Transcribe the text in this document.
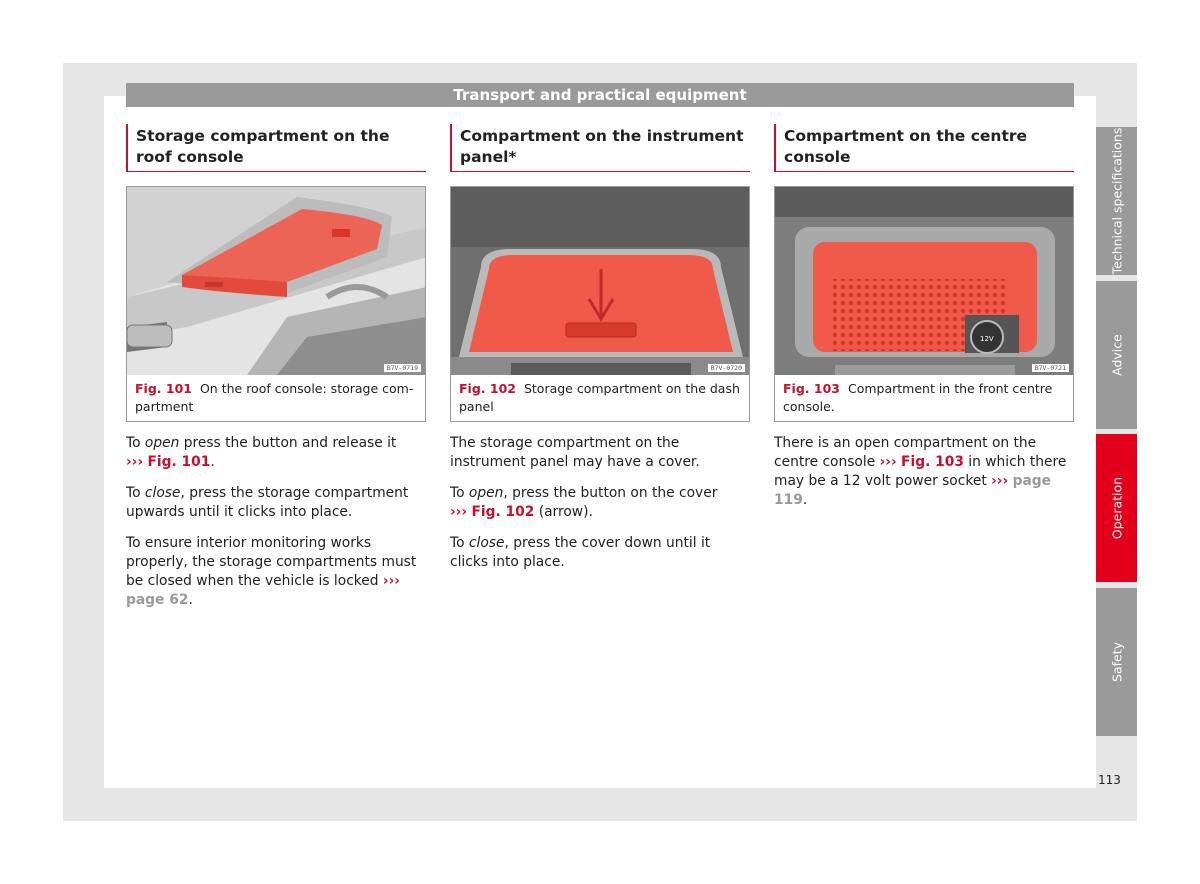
Transport and practical equipment
Storage compartment on the roof console
B7V-0719
Fig. 101 On the roof console: storage compartment

To open press the button and release it
››› Fig. 101.

To close, press the storage compartment upwards until it clicks into place.

To ensure interior monitoring works properly, the storage compartments must be closed when the vehicle is locked ››› page 62.

Compartment on the instrument panel*
B7V-0720
Fig. 102 Storage compartment on the dash panel

The storage compartment on the instrument panel may have a cover.

To open, press the button on the cover
››› Fig. 102 (arrow).

To close, press the cover down until it clicks into place.

Compartment on the centre console
12V
B7V-0721
Fig. 103 Compartment in the front centre console.

There is an open compartment on the centre console ››› Fig. 103 in which there may be a 12 volt power socket ››› page 119.

Technical specifications
Advice
Operation
Safety
113
